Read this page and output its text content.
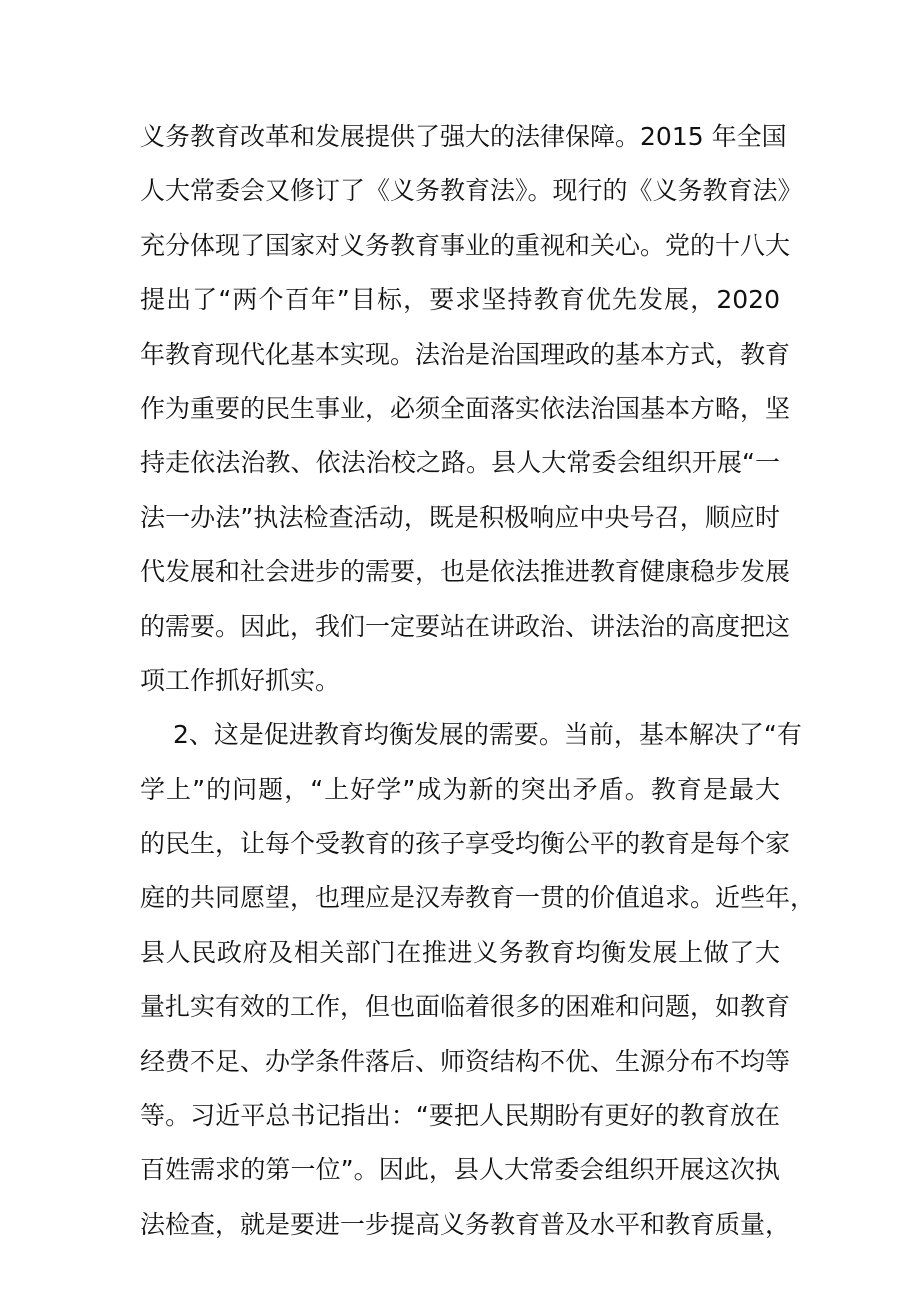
义务教育改革和发展提供了强大的法律保障。2015 年全国
人大常委会又修订了《义务教育法》。现行的《义务教育法》
充分体现了国家对义务教育事业的重视和关心。党的十八大
提出了“两个百年”目标，要求坚持教育优先发展，2020
年教育现代化基本实现。法治是治国理政的基本方式，教育
作为重要的民生事业，必须全面落实依法治国基本方略，坚
持走依法治教、依法治校之路。县人大常委会组织开展“一
法一办法”执法检查活动，既是积极响应中央号召，顺应时
代发展和社会进步的需要，也是依法推进教育健康稳步发展
的需要。因此，我们一定要站在讲政治、讲法治的高度把这
项工作抓好抓实。
2、这是促进教育均衡发展的需要。当前，基本解决了“有
学上”的问题，“上好学”成为新的突出矛盾。教育是最大
的民生，让每个受教育的孩子享受均衡公平的教育是每个家
庭的共同愿望，也理应是汉寿教育一贯的价值追求。近些年，
县人民政府及相关部门在推进义务教育均衡发展上做了大
量扎实有效的工作，但也面临着很多的困难和问题，如教育
经费不足、办学条件落后、师资结构不优、生源分布不均等
等。习近平总书记指出：“要把人民期盼有更好的教育放在
百姓需求的第一位”。因此，县人大常委会组织开展这次执
法检查，就是要进一步提高义务教育普及水平和教育质量，
